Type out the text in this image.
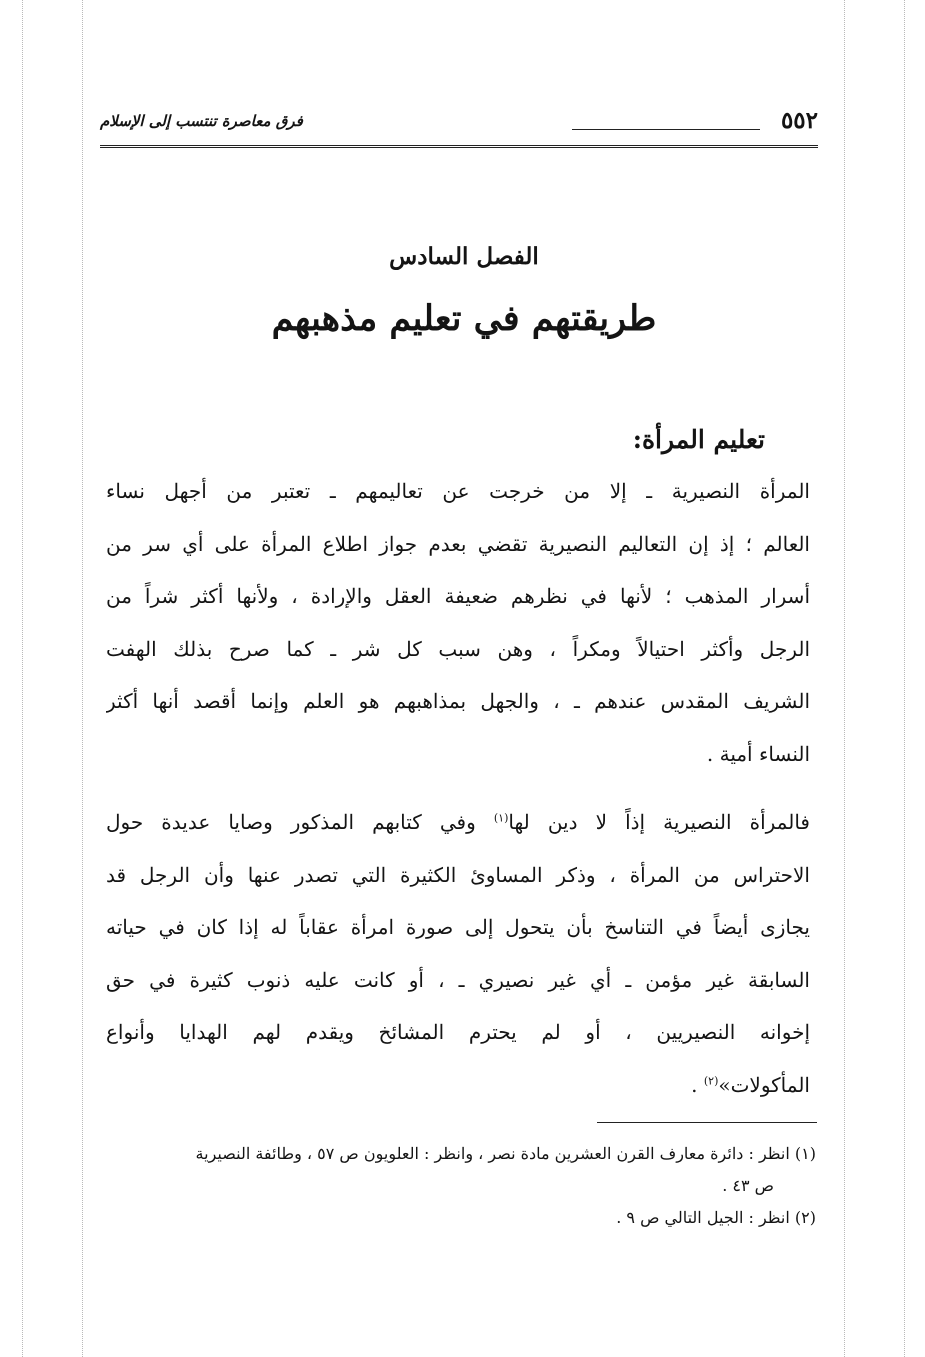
٥٥٢
فرق معاصرة تنتسب إلى الإسلام
الفصل السادس
طريقتهم في تعليم مذهبهم
تعليم المرأة:
المرأة النصيرية ـ إلا من خرجت عن تعاليمهم ـ تعتبر من أجهل نساء
العالم ؛ إذ إن التعاليم النصيرية تقضي بعدم جواز اطلاع المرأة على أي سر من
أسرار المذهب ؛ لأنها في نظرهم ضعيفة العقل والإرادة ، ولأنها أكثر شراً من
الرجل وأكثر احتيالاً ومكراً ، وهن سبب كل شر ـ كما صرح بذلك الهفت
الشريف المقدس عندهم ـ ، والجهل بمذاهبهم هو العلم وإنما أقصد أنها أكثر
النساء أمية .
فالمرأة النصيرية إذاً لا دين لها$^{(١)}$ وفي كتابهم المذكور وصايا عديدة حول
الاحتراس من المرأة ، وذكر المساوئ الكثيرة التي تصدر عنها وأن الرجل قد
يجازى أيضاً في التناسخ بأن يتحول إلى صورة امرأة عقاباً له إذا كان في حياته
السابقة غير مؤمن ـ أي غير نصيري ـ ، أو كانت عليه ذنوب كثيرة في حق
إخوانه النصيريين ، أو لم يحترم المشائخ ويقدم لهم الهدايا وأنواع
المأكولات»$^{(٢)}$ .
(١) انظر : دائرة معارف القرن العشرين مادة نصر ، وانظر : العلويون ص ٥٧ ، وطائفة النصيرية
ص ٤٣ .
(٢) انظر : الجيل التالي ص ٩ .
